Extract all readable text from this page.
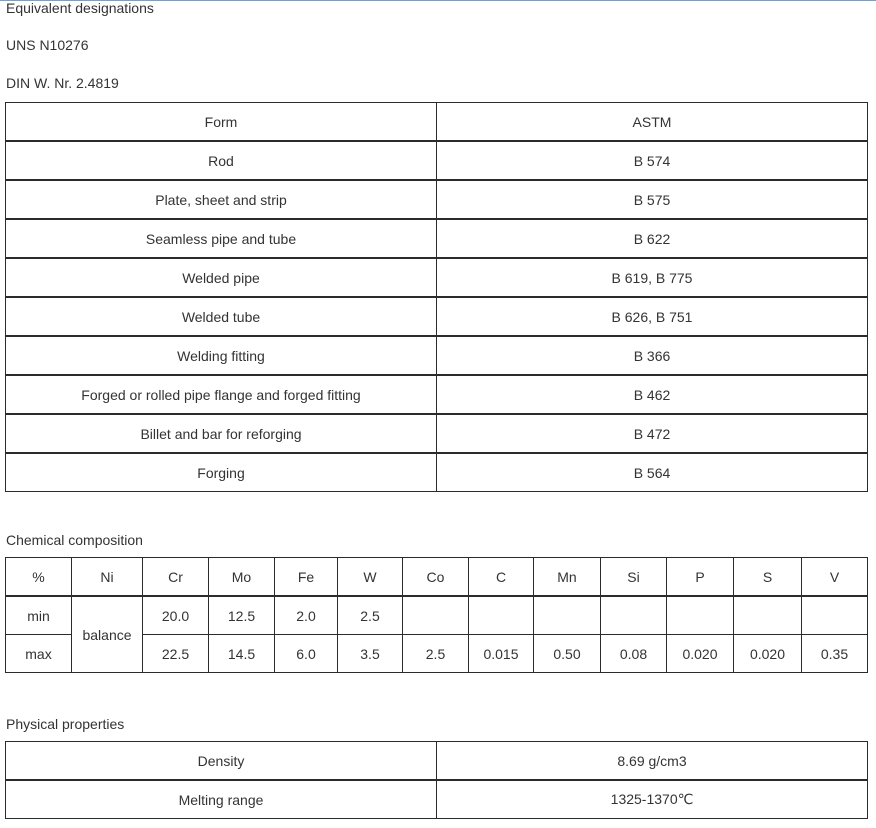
Equivalent designations
UNS N10276
DIN W. Nr. 2.4819
Form	ASTM
Rod	B 574
Plate, sheet and strip	B 575
Seamless pipe and tube	B 622
Welded pipe	B 619, B 775
Welded tube	B 626, B 751
Welding fitting	B 366
Forged or rolled pipe flange and forged fitting	B 462
Billet and bar for reforging	B 472
Forging	B 564
Chemical composition
%	Ni	Cr	Mo	Fe	W	Co	C	Mn	Si	P	S	V
min	balance	20.0	12.5	2.0	2.5							
max		22.5	14.5	6.0	3.5	2.5	0.015	0.50	0.08	0.020	0.020	0.35
Physical properties
Density	8.69 g/cm3
Melting range	1325-1370℃
